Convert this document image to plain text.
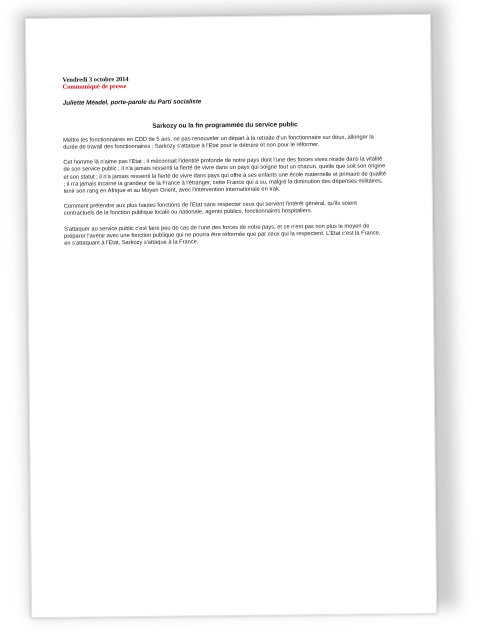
Vendredi 3 octobre 2014

Communiqué de presse

Juliette Méadel, porte-parole du Parti socialiste

Sarkozy ou la fin programmée du service public

Mettre les fonctionnaires en CDD de 5 ans, ne pas renouveler un départ à la retraite d'un fonctionnaire sur deux, allonger la durée de travail des fonctionnaires : Sarkozy s'attaque à l'Etat pour le détruire et non pour le réformer.

Cet homme là n'aime pas l'Etat ; il méconnait l'identité profonde de notre pays dont l'une des forces vives réside dans la vitalité de son service public ; il n'a jamais ressenti la fierté de vivre dans un pays qui soigne tout un chacun, quelle que soit son origine et son statut ; il n'a jamais ressenti la fierté de vivre dans pays qui offre à ses enfants une école maternelle et primaire de qualité ; il n'a jamais incarné la grandeur de la France à l'étranger, cette France qui a su, malgré la diminution des dépenses militaires, tenir son rang en Afrique et au Moyen Orient, avec l'intervention internationale en Irak.

Comment prétendre aux plus hautes fonctions de l'Etat sans respecter ceux qui servent l'intérêt général, qu'ils soient contractuels de la fonction publique locale ou nationale, agents publics, fonctionnaires hospitaliers.

S'attaquer au service public c'est faire peu de cas de l'une des forces de notre pays, et ce n'est pas non plus le moyen de préparer l'avenir avec une fonction publique qui ne pourra être réformée que par ceux qui la respectent. L'Etat c'est la France, en s'attaquant à l'Etat, Sarkozy s'attaque à la France.
